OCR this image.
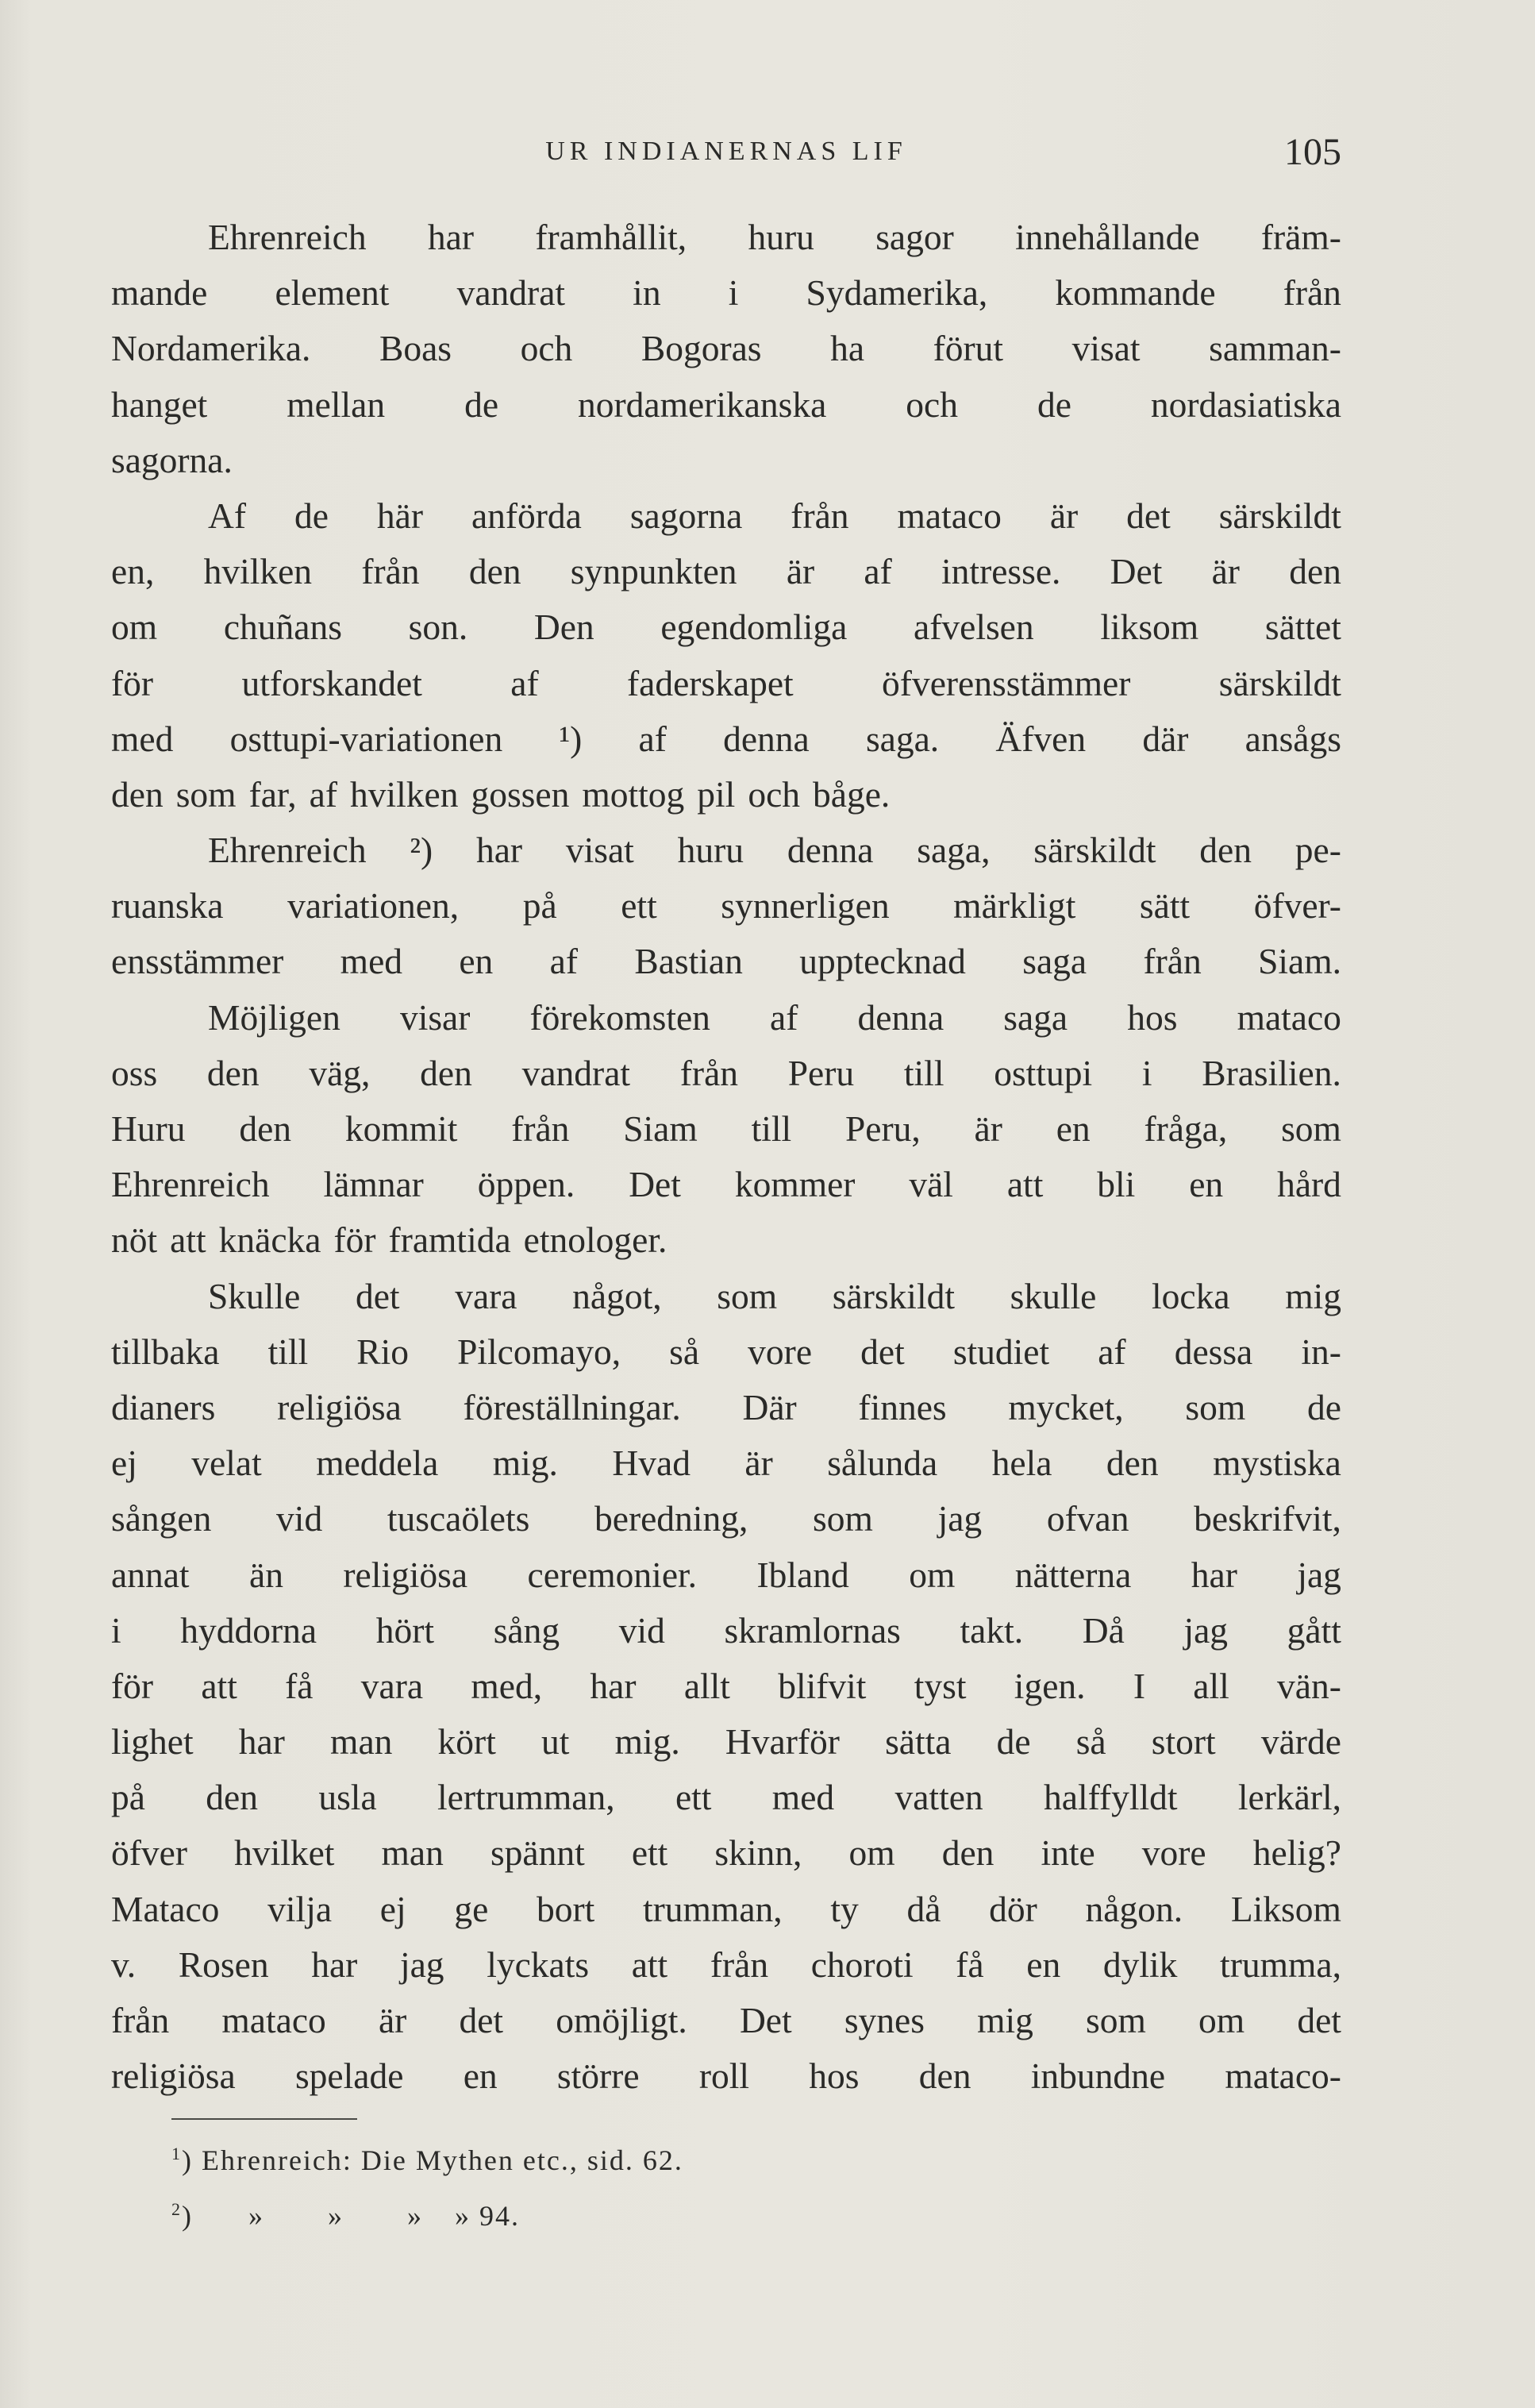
UR INDIANERNAS LIF	105
Ehrenreich har framhållit, huru sagor innehållande främ-
mande element vandrat in i Sydamerika, kommande från
Nordamerika. Boas och Bogoras ha förut visat samman-
hanget mellan de nordamerikanska och de nordasiatiska
sagorna.
Af de här anförda sagorna från mataco är det särskildt
en, hvilken från den synpunkten är af intresse. Det är den
om chuñans son. Den egendomliga afvelsen liksom sättet
för utforskandet af faderskapet öfverensstämmer särskildt
med osttupi-variationen ¹) af denna saga. Äfven där ansågs
den som far, af hvilken gossen mottog pil och båge.
Ehrenreich ²) har visat huru denna saga, särskildt den pe-
ruanska variationen, på ett synnerligen märkligt sätt öfver-
ensstämmer med en af Bastian upptecknad saga från Siam.
Möjligen visar förekomsten af denna saga hos mataco
oss den väg, den vandrat från Peru till osttupi i Brasilien.
Huru den kommit från Siam till Peru, är en fråga, som
Ehrenreich lämnar öppen. Det kommer väl att bli en hård
nöt att knäcka för framtida etnologer.
Skulle det vara något, som särskildt skulle locka mig
tillbaka till Rio Pilcomayo, så vore det studiet af dessa in-
dianers religiösa föreställningar. Där finnes mycket, som de
ej velat meddela mig. Hvad är sålunda hela den mystiska
sången vid tuscaölets beredning, som jag ofvan beskrifvit,
annat än religiösa ceremonier. Ibland om nätterna har jag
i hyddorna hört sång vid skramlornas takt. Då jag gått
för att få vara med, har allt blifvit tyst igen. I all vän-
lighet har man kört ut mig. Hvarför sätta de så stort värde
på den usla lertrumman, ett med vatten halffylldt lerkärl,
öfver hvilket man spännt ett skinn, om den inte vore helig?
Mataco vilja ej ge bort trumman, ty då dör någon. Liksom
v. Rosen har jag lyckats att från choroti få en dylik trumma,
från mataco är det omöjligt. Det synes mig som om det
religiösa spelade en större roll hos den inbundne mataco-
$^1$) Ehrenreich: Die Mythen etc., sid. 62.
$^2$) » » » » 94.
